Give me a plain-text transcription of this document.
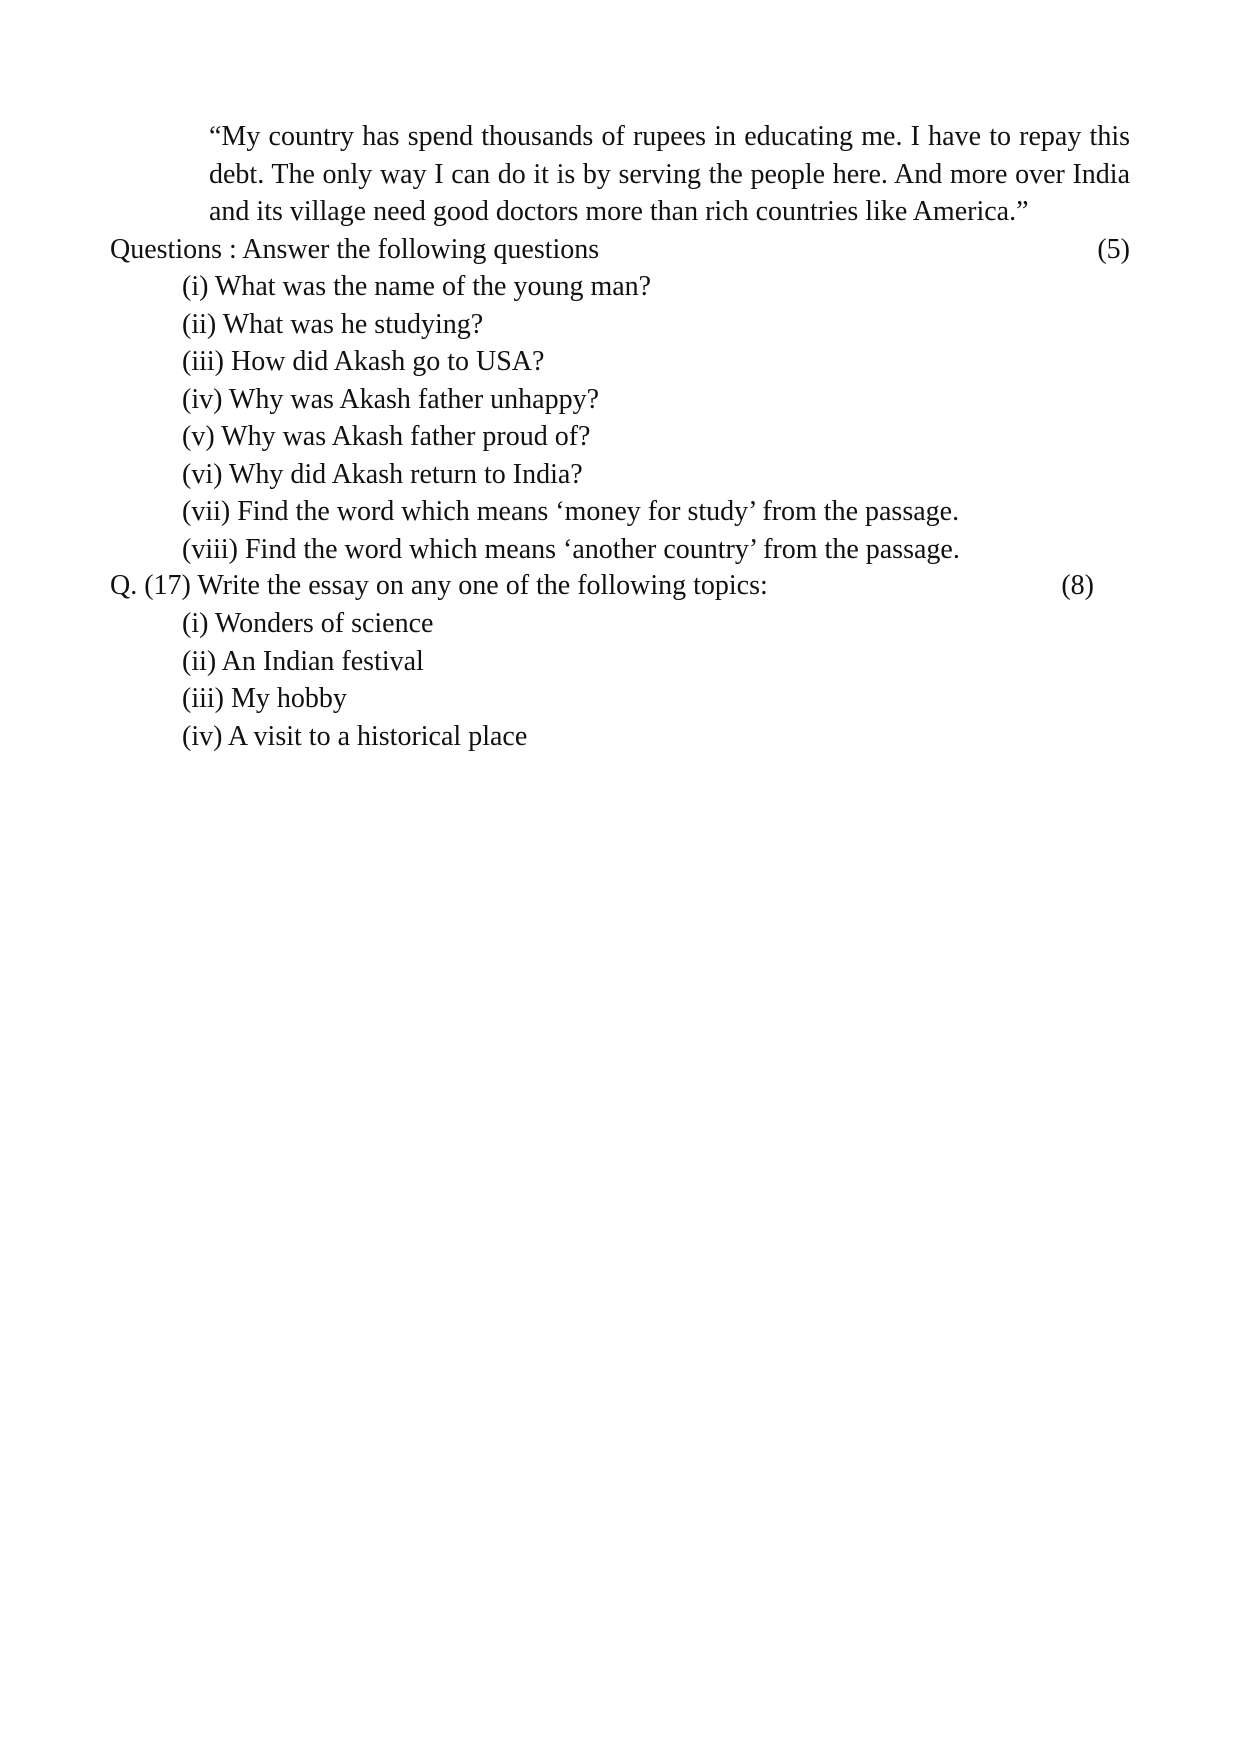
“My country has spend thousands of rupees in educating me. I have to repay this debt. The only way I can do it is by serving the people here. And more over India and its village need good doctors more than rich countries like America.”

Questions : Answer the following questions	(5)
(i) What was the name of the young man?
(ii) What was he studying?
(iii) How did Akash go to USA?
(iv) Why was Akash father unhappy?
(v) Why was Akash father proud of?
(vi) Why did Akash return to India?
(vii) Find the word which means ‘money for study’ from the passage.
(viii) Find the word which means ‘another country’ from the passage.
Q. (17) Write the essay on any one of the following topics:	(8)
(i) Wonders of science
(ii) An Indian festival
(iii) My hobby
(iv) A visit to a historical place
